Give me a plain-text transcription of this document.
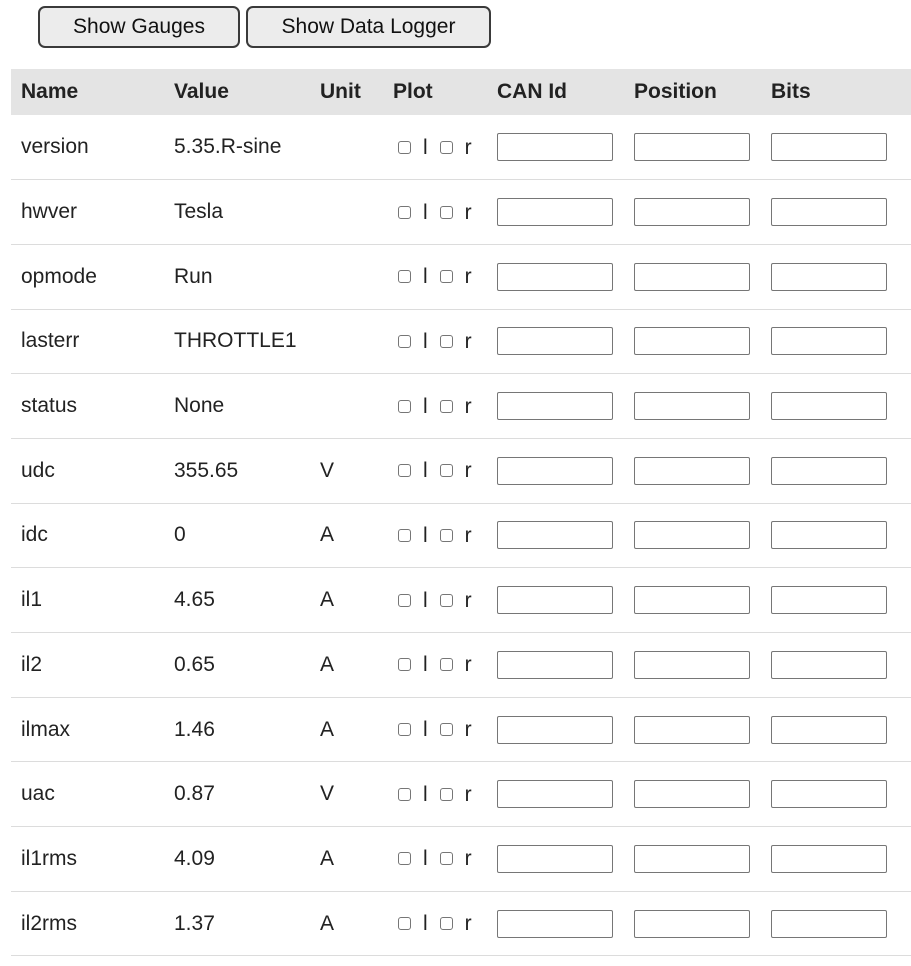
Show Gauges	Show Data Logger
Name	Value	Unit	Plot	CAN Id	Position	Bits
version	5.35.R-sine		l r			

hwver	Tesla		l r			

opmode	Run		l r			

lasterr	THROTTLE1		l r			

status	None		l r			

udc	355.65	V	l r			

idc	0	A	l r			

il1	4.65	A	l r			

il2	0.65	A	l r			

ilmax	1.46	A	l r			

uac	0.87	V	l r			

il1rms	4.09	A	l r			

il2rms	1.37	A	l r			
